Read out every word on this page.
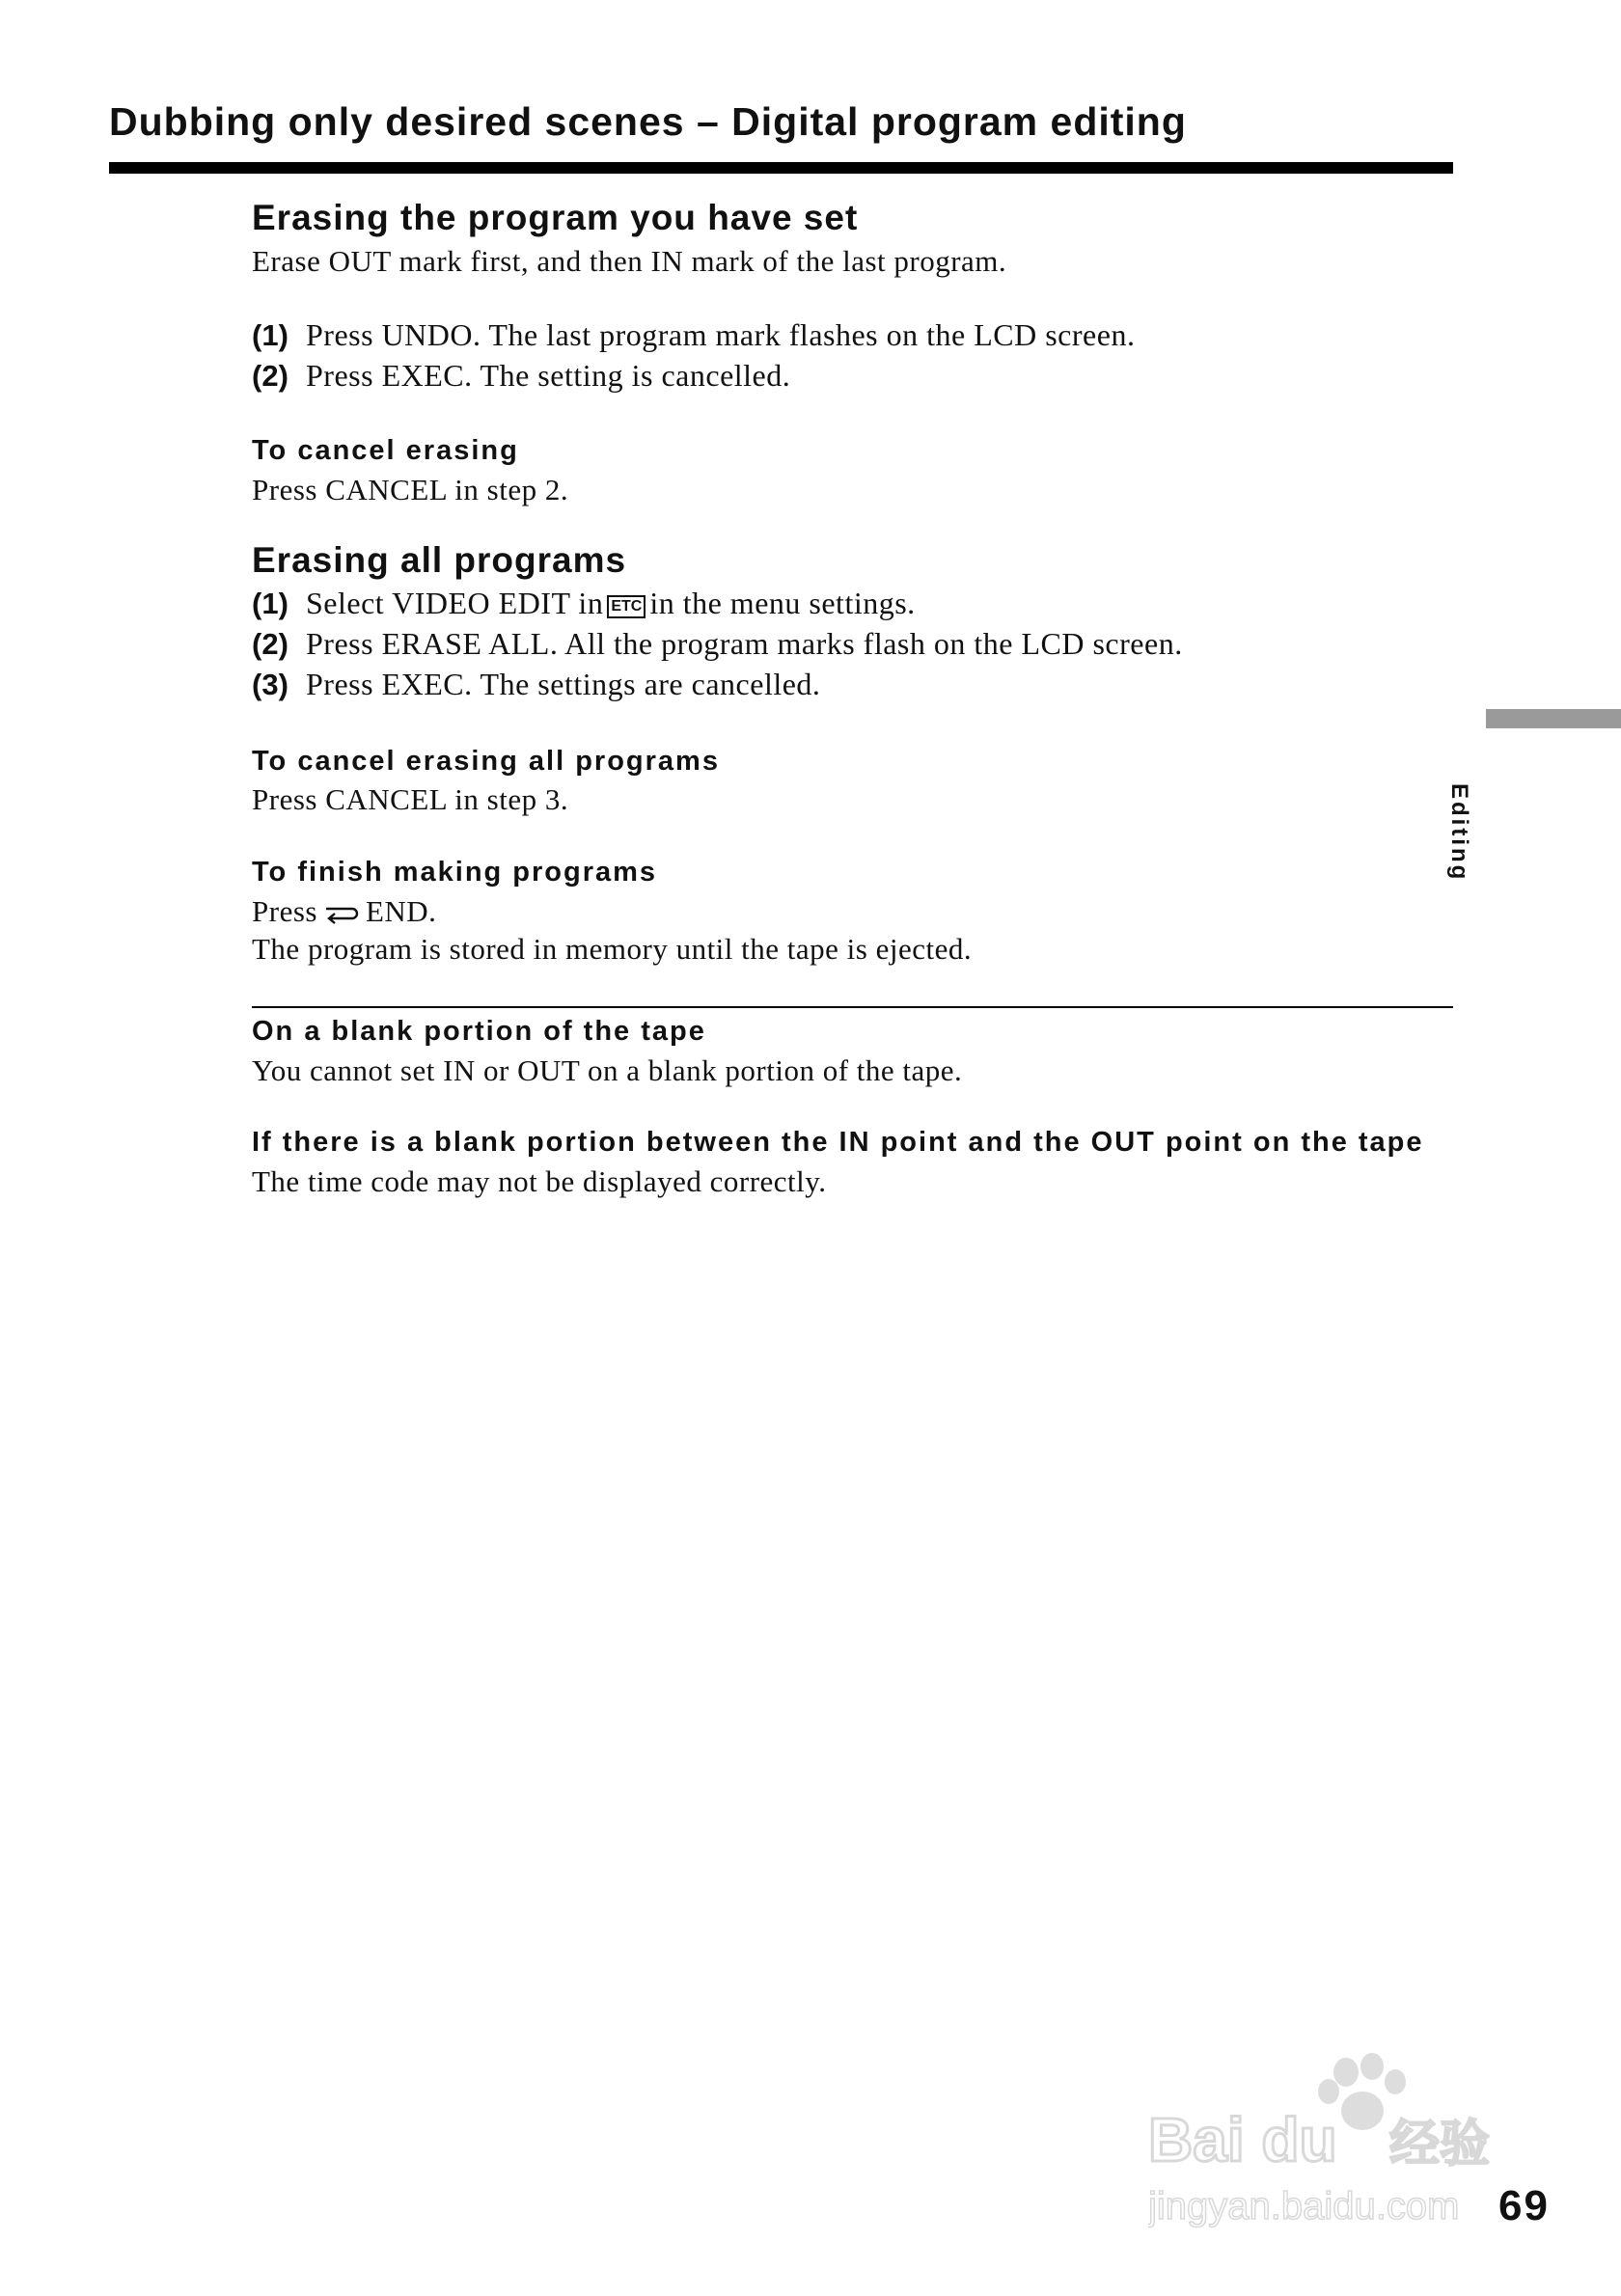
Dubbing only desired scenes – Digital program editing
Erasing the program you have set
Erase OUT mark first, and then IN mark of the last program.
(1) Press UNDO. The last program mark flashes on the LCD screen.
(2) Press EXEC. The setting is cancelled.
To cancel erasing
Press CANCEL in step 2.
Erasing all programs
(1) Select VIDEO EDIT in ETC in the menu settings.
(2) Press ERASE ALL. All the program marks flash on the LCD screen.
(3) Press EXEC. The settings are cancelled.
To cancel erasing all programs
Press CANCEL in step 3.
To finish making programs
Press END.
The program is stored in memory until the tape is ejected.
On a blank portion of the tape
You cannot set IN or OUT on a blank portion of the tape.
If there is a blank portion between the IN point and the OUT point on the tape
The time code may not be displayed correctly.
Editing
Bai du 经验
jingyan.baidu.com 69
